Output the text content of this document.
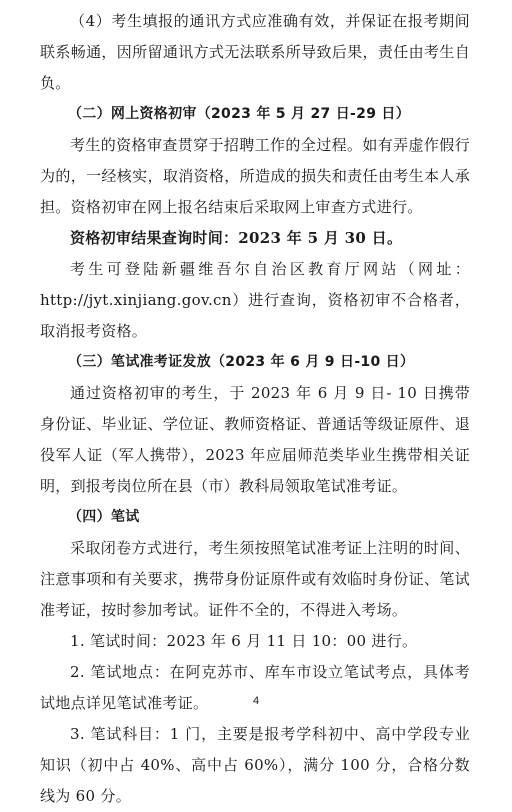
（4）考生填报的通讯方式应准确有效，并保证在报考期间联系畅通，因所留通讯方式无法联系所导致后果，责任由考生自负。

（二）网上资格初审（2023 年 5 月 27 日-29 日）

考生的资格审查贯穿于招聘工作的全过程。如有弄虚作假行为的，一经核实，取消资格，所造成的损失和责任由考生本人承担。资格初审在网上报名结束后采取网上审查方式进行。

资格初审结果查询时间：2023 年 5 月 30 日。

考生可登陆新疆维吾尔自治区教育厅网站（网址：http://jyt.xinjiang.gov.cn）进行查询，资格初审不合格者，取消报考资格。

（三）笔试准考证发放（2023 年 6 月 9 日-10 日）

通过资格初审的考生，于 2023 年 6 月 9 日- 10 日携带身份证、毕业证、学位证、教师资格证、普通话等级证原件、退役军人证（军人携带），2023 年应届师范类毕业生携带相关证明，到报考岗位所在县（市）教科局领取笔试准考证。

（四）笔试

采取闭卷方式进行，考生须按照笔试准考证上注明的时间、注意事项和有关要求，携带身份证原件或有效临时身份证、笔试准考证，按时参加考试。证件不全的，不得进入考场。

1. 笔试时间：2023 年 6 月 11 日 10：00 进行。

2. 笔试地点：在阿克苏市、库车市设立笔试考点，具体考试地点详见笔试准考证。

3. 笔试科目：1 门，主要是报考学科初中、高中学段专业知识（初中占 40%、高中占 60%），满分 100 分，合格分数线为 60 分。

4
